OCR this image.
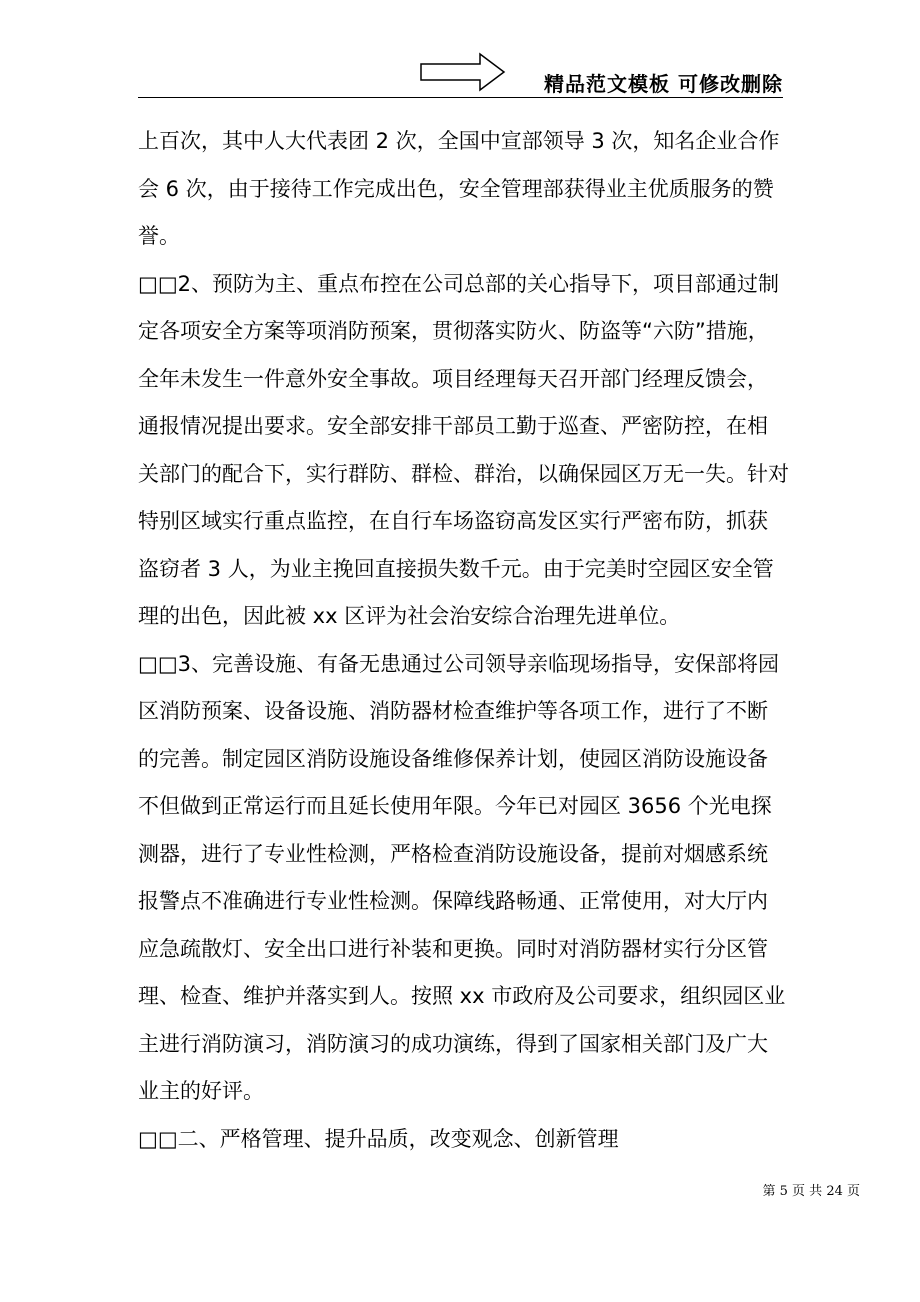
精品范文模板 可修改删除
上百次，其中人大代表团 2 次，全国中宣部领导 3 次，知名企业合作
会 6 次，由于接待工作完成出色，安全管理部获得业主优质服务的赞
誉。
□□2、预防为主、重点布控在公司总部的关心指导下，项目部通过制
定各项安全方案等项消防预案，贯彻落实防火、防盗等“六防”措施，
全年未发生一件意外安全事故。项目经理每天召开部门经理反馈会，
通报情况提出要求。安全部安排干部员工勤于巡查、严密防控，在相
关部门的配合下，实行群防、群检、群治，以确保园区万无一失。针对
特别区域实行重点监控，在自行车场盗窃高发区实行严密布防，抓获
盗窃者 3 人，为业主挽回直接损失数千元。由于完美时空园区安全管
理的出色，因此被 xx 区评为社会治安综合治理先进单位。
□□3、完善设施、有备无患通过公司领导亲临现场指导，安保部将园
区消防预案、设备设施、消防器材检查维护等各项工作，进行了不断
的完善。制定园区消防设施设备维修保养计划，使园区消防设施设备
不但做到正常运行而且延长使用年限。今年已对园区 3656 个光电探
测器，进行了专业性检测，严格检查消防设施设备，提前对烟感系统
报警点不准确进行专业性检测。保障线路畅通、正常使用，对大厅内
应急疏散灯、安全出口进行补装和更换。同时对消防器材实行分区管
理、检查、维护并落实到人。按照 xx 市政府及公司要求，组织园区业
主进行消防演习，消防演习的成功演练，得到了国家相关部门及广大
业主的好评。
□□二、严格管理、提升品质，改变观念、创新管理
第 5 页 共 24 页
